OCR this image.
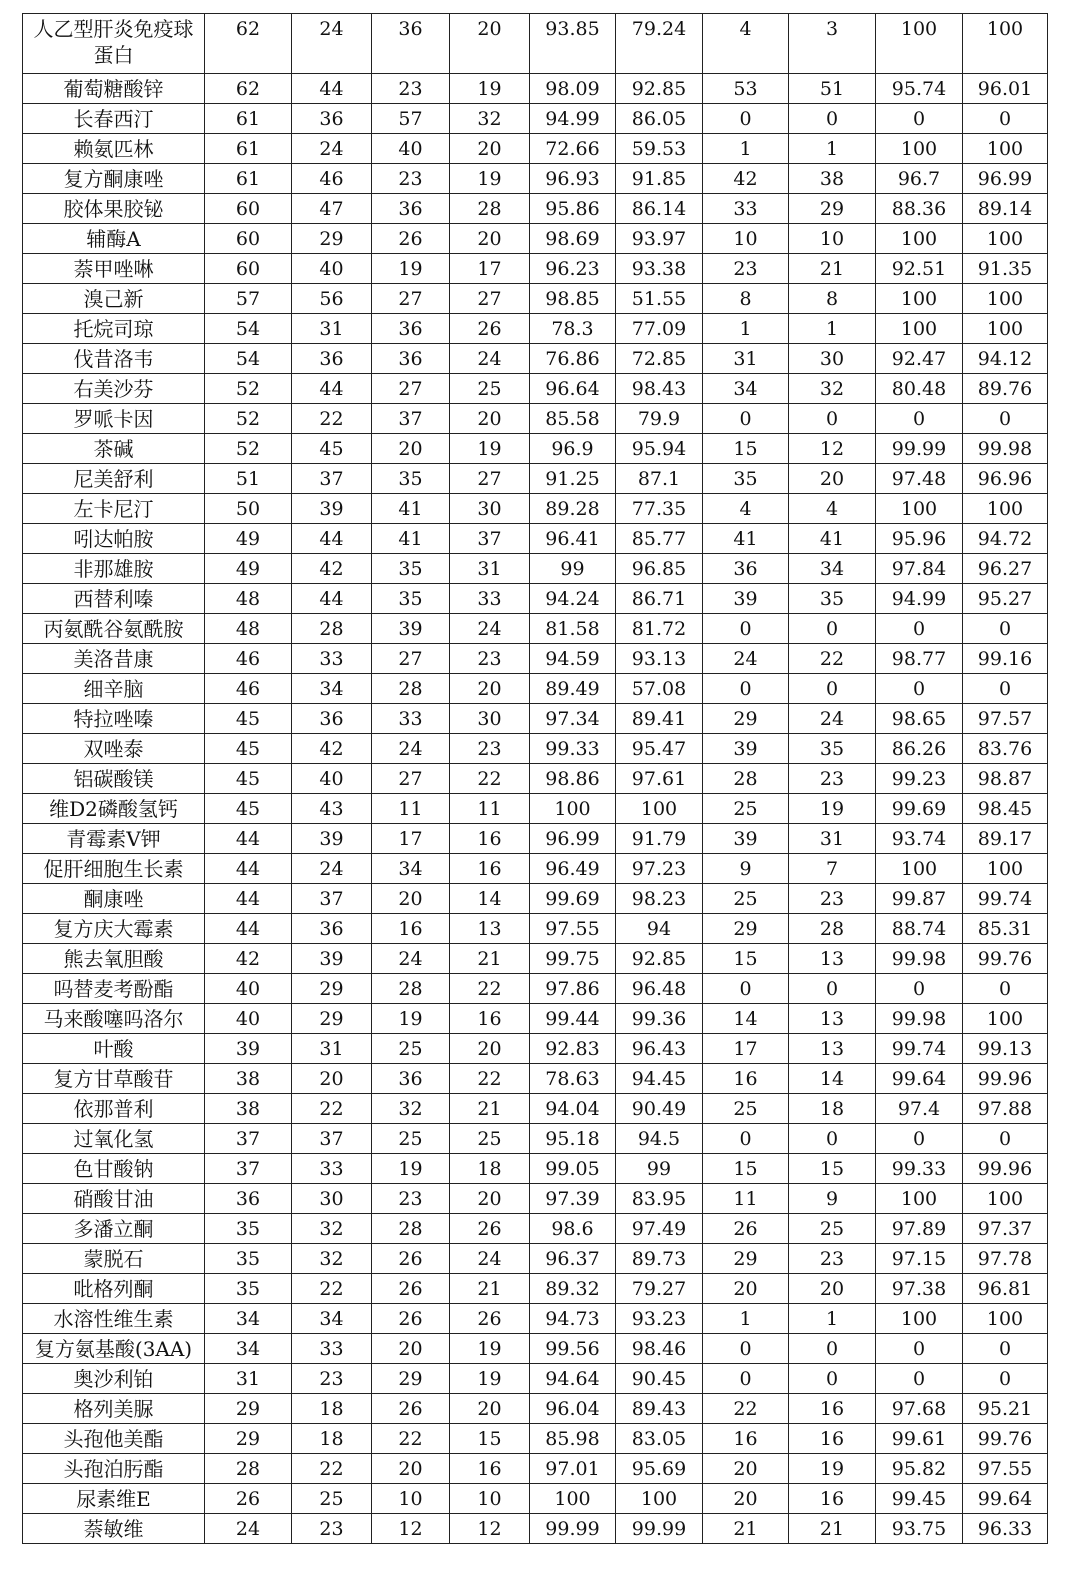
人乙型肝炎免疫球蛋白	62	24	36	20	93.85	79.24	4	3	100	100
葡萄糖酸锌	62	44	23	19	98.09	92.85	53	51	95.74	96.01
长春西汀	61	36	57	32	94.99	86.05	0	0	0	0
赖氨匹林	61	24	40	20	72.66	59.53	1	1	100	100
复方酮康唑	61	46	23	19	96.93	91.85	42	38	96.7	96.99
胶体果胶铋	60	47	36	28	95.86	86.14	33	29	88.36	89.14
辅酶A	60	29	26	20	98.69	93.97	10	10	100	100
萘甲唑啉	60	40	19	17	96.23	93.38	23	21	92.51	91.35
溴己新	57	56	27	27	98.85	51.55	8	8	100	100
托烷司琼	54	31	36	26	78.3	77.09	1	1	100	100
伐昔洛韦	54	36	36	24	76.86	72.85	31	30	92.47	94.12
右美沙芬	52	44	27	25	96.64	98.43	34	32	80.48	89.76
罗哌卡因	52	22	37	20	85.58	79.9	0	0	0	0
茶碱	52	45	20	19	96.9	95.94	15	12	99.99	99.98
尼美舒利	51	37	35	27	91.25	87.1	35	20	97.48	96.96
左卡尼汀	50	39	41	30	89.28	77.35	4	4	100	100
吲达帕胺	49	44	41	37	96.41	85.77	41	41	95.96	94.72
非那雄胺	49	42	35	31	99	96.85	36	34	97.84	96.27
西替利嗪	48	44	35	33	94.24	86.71	39	35	94.99	95.27
丙氨酰谷氨酰胺	48	28	39	24	81.58	81.72	0	0	0	0
美洛昔康	46	33	27	23	94.59	93.13	24	22	98.77	99.16
细辛脑	46	34	28	20	89.49	57.08	0	0	0	0
特拉唑嗪	45	36	33	30	97.34	89.41	29	24	98.65	97.57
双唑泰	45	42	24	23	99.33	95.47	39	35	86.26	83.76
铝碳酸镁	45	40	27	22	98.86	97.61	28	23	99.23	98.87
维D2磷酸氢钙	45	43	11	11	100	100	25	19	99.69	98.45
青霉素V钾	44	39	17	16	96.99	91.79	39	31	93.74	89.17
促肝细胞生长素	44	24	34	16	96.49	97.23	9	7	100	100
酮康唑	44	37	20	14	99.69	98.23	25	23	99.87	99.74
复方庆大霉素	44	36	16	13	97.55	94	29	28	88.74	85.31
熊去氧胆酸	42	39	24	21	99.75	92.85	15	13	99.98	99.76
吗替麦考酚酯	40	29	28	22	97.86	96.48	0	0	0	0
马来酸噻吗洛尔	40	29	19	16	99.44	99.36	14	13	99.98	100
叶酸	39	31	25	20	92.83	96.43	17	13	99.74	99.13
复方甘草酸苷	38	20	36	22	78.63	94.45	16	14	99.64	99.96
依那普利	38	22	32	21	94.04	90.49	25	18	97.4	97.88
过氧化氢	37	37	25	25	95.18	94.5	0	0	0	0
色甘酸钠	37	33	19	18	99.05	99	15	15	99.33	99.96
硝酸甘油	36	30	23	20	97.39	83.95	11	9	100	100
多潘立酮	35	32	28	26	98.6	97.49	26	25	97.89	97.37
蒙脱石	35	32	26	24	96.37	89.73	29	23	97.15	97.78
吡格列酮	35	22	26	21	89.32	79.27	20	20	97.38	96.81
水溶性维生素	34	34	26	26	94.73	93.23	1	1	100	100
复方氨基酸(3AA)	34	33	20	19	99.56	98.46	0	0	0	0
奥沙利铂	31	23	29	19	94.64	90.45	0	0	0	0
格列美脲	29	18	26	20	96.04	89.43	22	16	97.68	95.21
头孢他美酯	29	18	22	15	85.98	83.05	16	16	99.61	99.76
头孢泊肟酯	28	22	20	16	97.01	95.69	20	19	95.82	97.55
尿素维E	26	25	10	10	100	100	20	16	99.45	99.64
萘敏维	24	23	12	12	99.99	99.99	21	21	93.75	96.33
